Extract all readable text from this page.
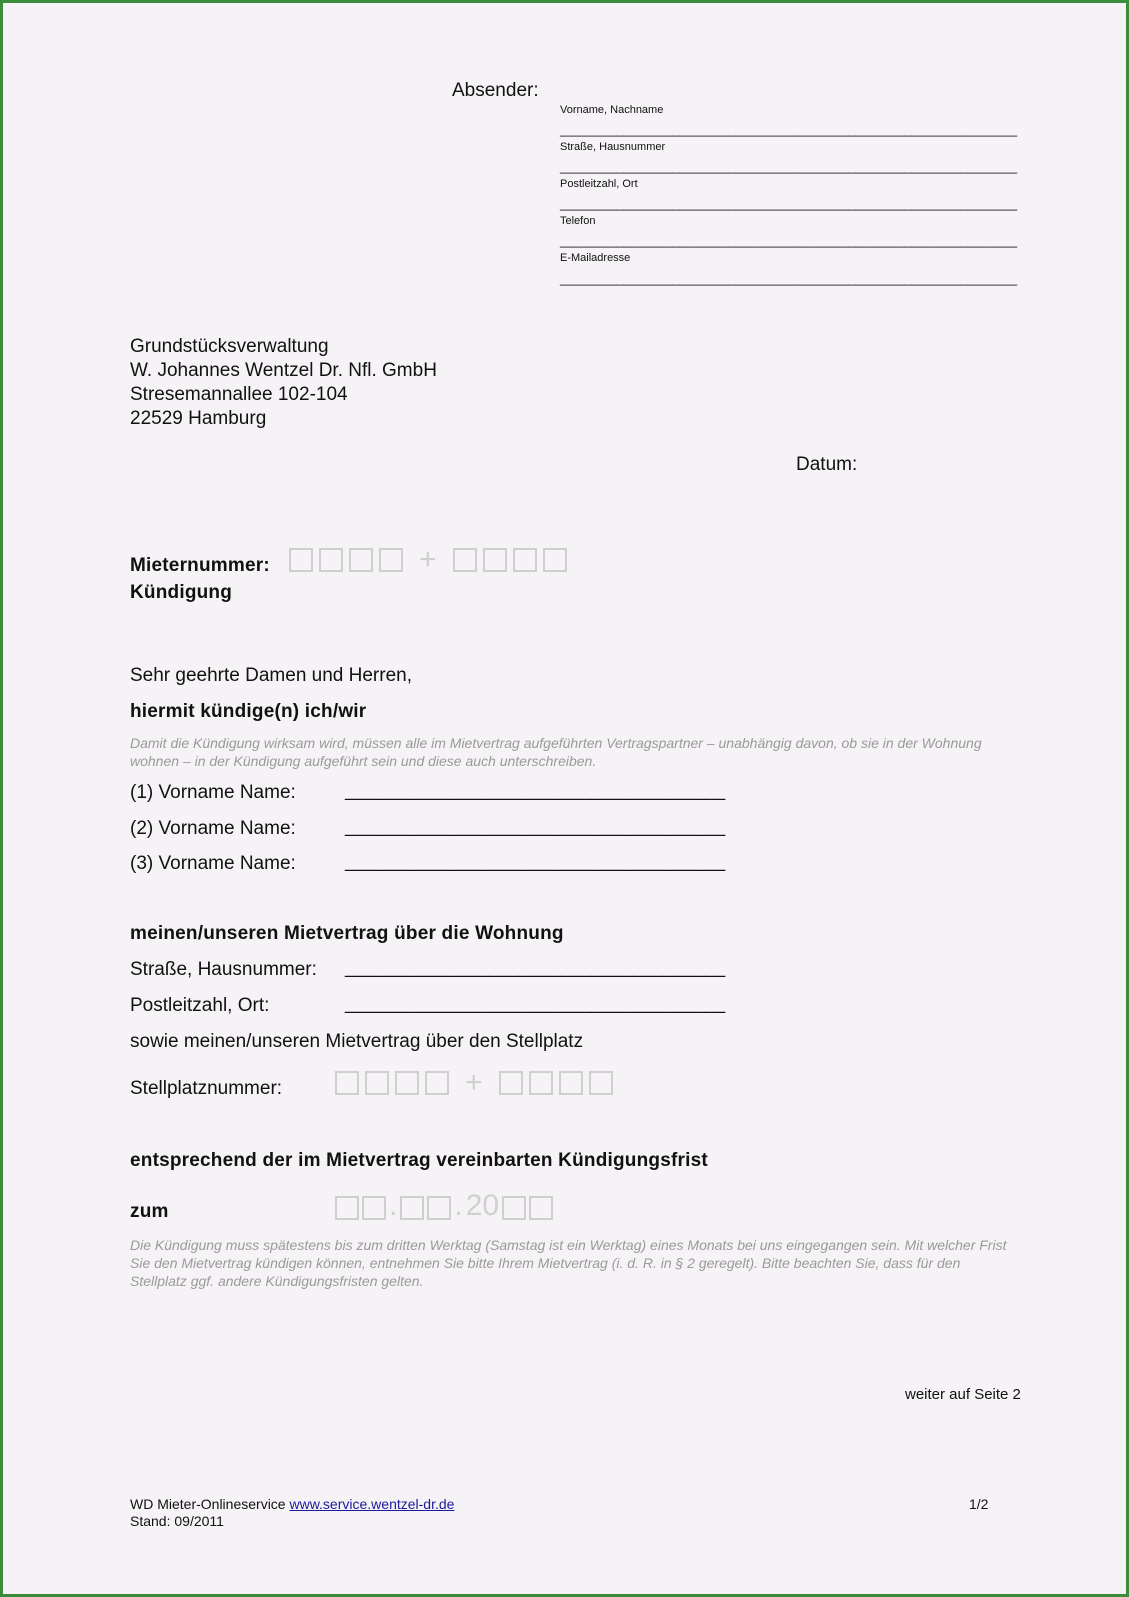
Absender:
Vorname, Nachname
_________________________________________________________________
Straße, Hausnummer
_________________________________________________________________
Postleitzahl, Ort
_________________________________________________________________
Telefon
_________________________________________________________________
E-Mailadresse
_________________________________________________________________
Grundstücksverwaltung
W. Johannes Wentzel Dr. Nfl. GmbH
Stresemannallee 102-104
22529 Hamburg
Datum:
Mieternummer:	+
Kündigung
Sehr geehrte Damen und Herren,
hiermit kündige(n) ich/wir
Damit die Kündigung wirksam wird, müssen alle im Mietvertrag aufgeführten Vertragspartner – unabhängig davon, ob sie in der Wohnung wohnen – in der Kündigung aufgeführt sein und diese auch unterschreiben.
(1) Vorname Name:	_____________________________________
(2) Vorname Name:	_____________________________________
(3) Vorname Name:	_____________________________________
meinen/unseren Mietvertrag über die Wohnung
Straße, Hausnummer: _____________________________________
Postleitzahl, Ort:	_____________________________________
sowie meinen/unseren Mietvertrag über den Stellplatz
Stellplatznummer:	+
entsprechend der im Mietvertrag vereinbarten Kündigungsfrist
zum	. . 20
Die Kündigung muss spätestens bis zum dritten Werktag (Samstag ist ein Werktag) eines Monats bei uns eingegangen sein. Mit welcher Frist Sie den Mietvertrag kündigen können, entnehmen Sie bitte Ihrem Mietvertrag (i. d. R. in § 2 geregelt). Bitte beachten Sie, dass für den Stellplatz ggf. andere Kündigungsfristen gelten.
weiter auf Seite 2
WD Mieter-Onlineservice www.service.wentzel-dr.de
Stand: 09/2011
1/2
